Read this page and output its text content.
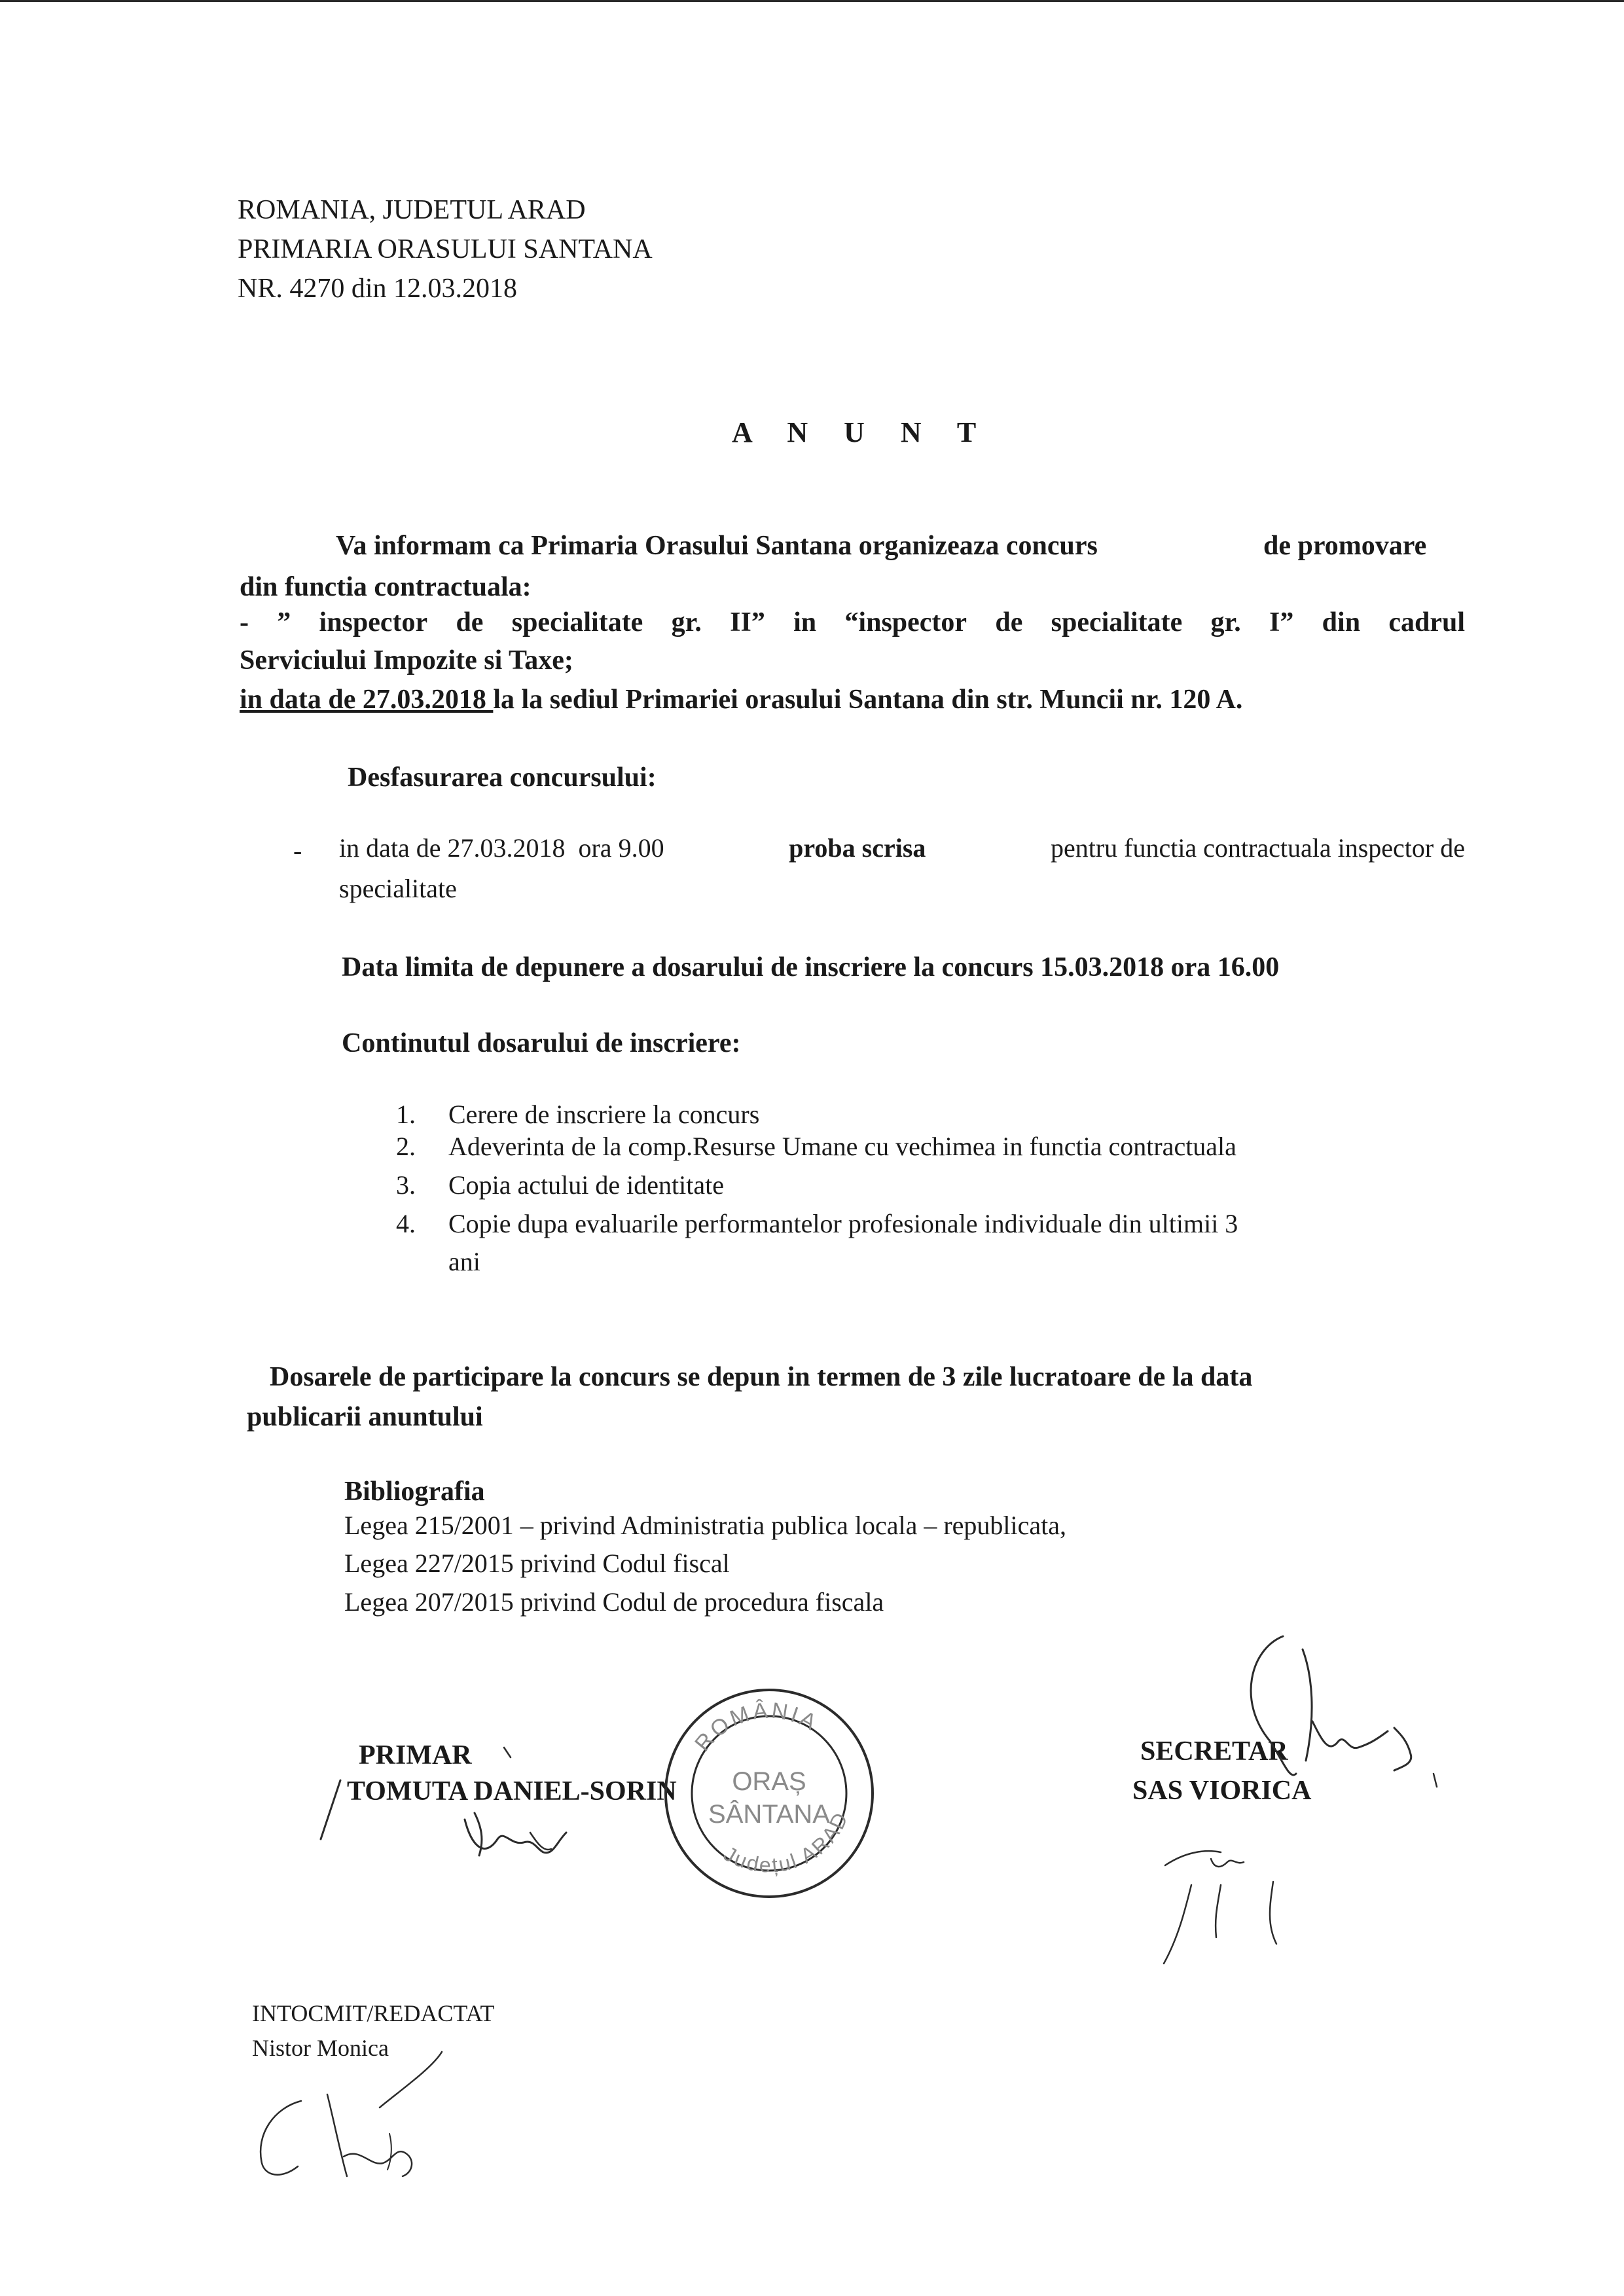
ROMANIA, JUDETUL ARAD
PRIMARIA ORASULUI SANTANA
NR. 4270 din 12.03.2018
A N U N T
Va informam ca Primaria Orasului Santana organizeaza concurs	de promovare
din functia contractuala:
- ” inspector de specialitate gr. II” in “inspector de specialitate gr. I” din cadrul
Serviciului Impozite si Taxe;
in data de 27.03.2018 la la sediul Primariei orasului Santana din str. Muncii nr. 120 A.
Desfasurarea concursului:
- in data de 27.03.2018  ora 9.00	proba scrisa	pentru functia contractuala inspector de
specialitate
Data limita de depunere a dosarului de inscriere la concurs 15.03.2018 ora 16.00
Continutul dosarului de inscriere:
1. Cerere de inscriere la concurs
2. Adeverinta de la comp.Resurse Umane cu vechimea in functia contractuala
3. Copia actului de identitate
4. Copie dupa evaluarile performantelor profesionale individuale din ultimii 3
ani
Dosarele de participare la concurs se depun in termen de 3 zile lucratoare de la data
publicarii anuntului
Bibliografia
Legea 215/2001 – privind Administratia publica locala – republicata,
Legea 227/2015 privind Codul fiscal
Legea 207/2015 privind Codul de procedura fiscala
PRIMAR
TOMUTA DANIEL-SORIN
SECRETAR
SAS VIORICA
ROMÂNIA
ORAȘ
SÂNTANA
Județul ARAD
INTOCMIT/REDACTAT
Nistor Monica
